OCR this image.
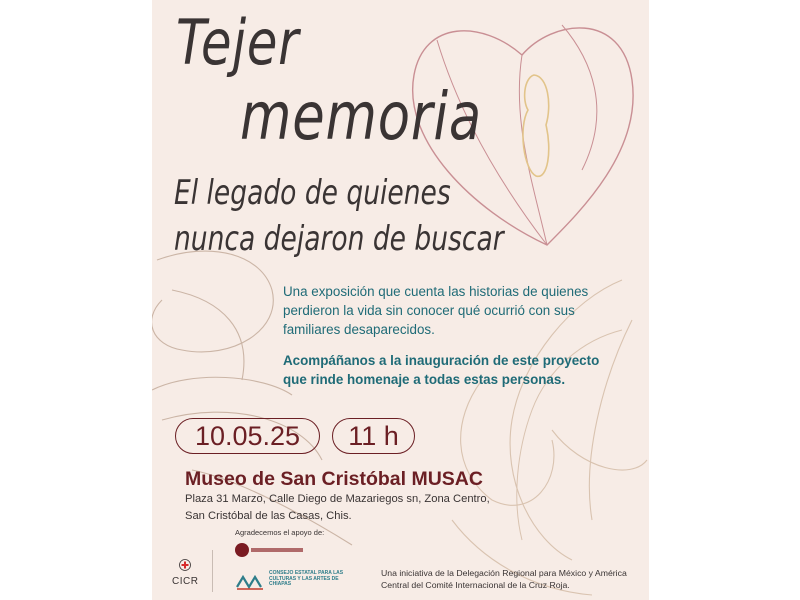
Tejer
memoria
El legado de quienes
nunca dejaron de buscar
Una exposición que cuenta las historias de quienes perdieron la vida sin conocer qué ocurrió con sus familiares desaparecidos.
Acompáñanos a la inauguración de este proyecto que rinde homenaje a todas estas personas.
10.05.25	11 h
Museo de San Cristóbal MUSAC
Plaza 31 Marzo, Calle Diego de Mazariegos sn, Zona Centro,
San Cristóbal de las Casas, Chis.
Agradecemos el apoyo de:
CICR
CONSEJO ESTATAL PARA LAS CULTURAS Y LAS ARTES DE CHIAPAS
Una iniciativa de la Delegación Regional para México y América Central del Comité Internacional de la Cruz Roja.
